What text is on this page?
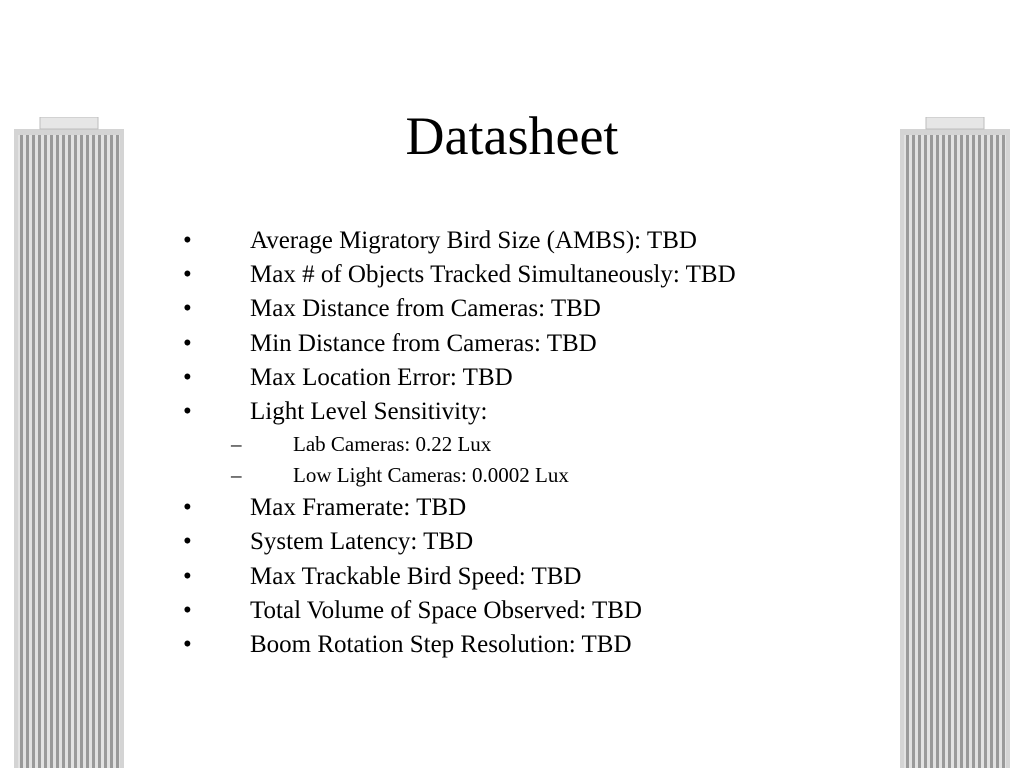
Datasheet
•	Average Migratory Bird Size (AMBS): TBD
•	Max # of Objects Tracked Simultaneously: TBD
•	Max Distance from Cameras: TBD
•	Min Distance from Cameras: TBD
•	Max Location Error: TBD
•	Light Level Sensitivity:
– Lab Cameras: 0.22 Lux
– Low Light Cameras: 0.0002 Lux
•	Max Framerate: TBD
•	System Latency: TBD
•	Max Trackable Bird Speed: TBD
•	Total Volume of Space Observed: TBD
•	Boom Rotation Step Resolution: TBD
